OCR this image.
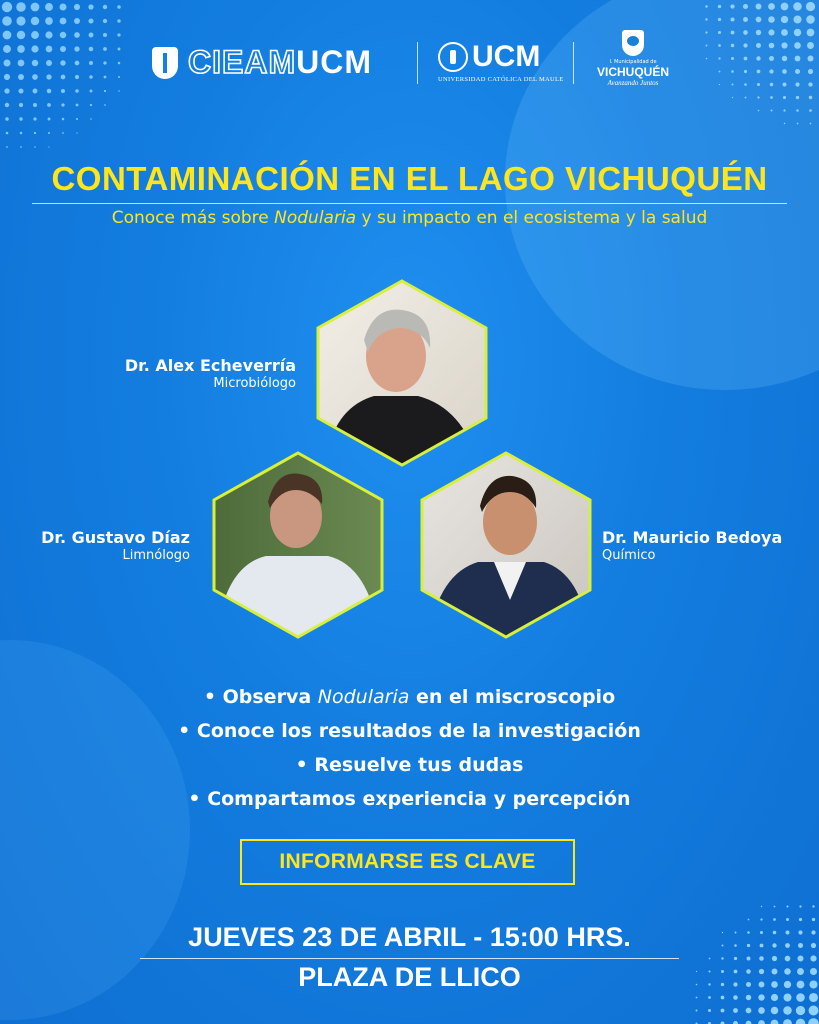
CIEAMUCM	UCM
UNIVERSIDAD CATÓLICA DEL MAULE
I. Municipalidad de
VICHUQUÉN
Avanzando Juntos
CONTAMINACIÓN EN EL LAGO VICHUQUÉN
Conoce más sobre Nodularia y su impacto en el ecosistema y la salud
Dr. Alex Echeverría
Microbiólogo
Dr. Gustavo Díaz
Limnólogo
Dr. Mauricio Bedoya
Químico
• Observa Nodularia en el miscroscopio
• Conoce los resultados de la investigación
• Resuelve tus dudas
• Compartamos experiencia y percepción
INFORMARSE ES CLAVE
JUEVES 23 DE ABRIL - 15:00 HRS.
PLAZA DE LLICO
